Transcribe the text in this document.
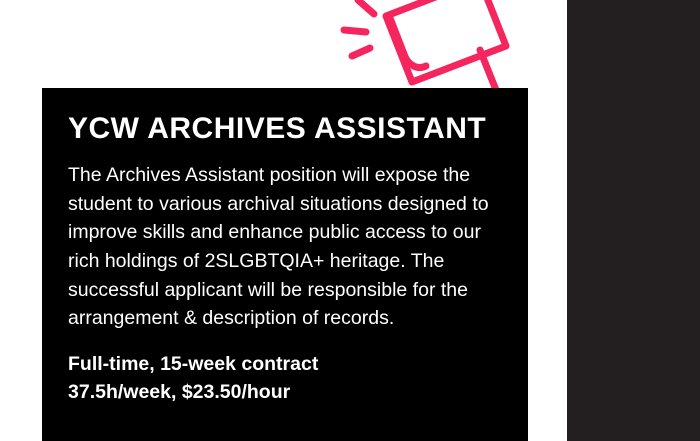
YCW ARCHIVES ASSISTANT

The Archives Assistant position will expose the student to various archival situations designed to improve skills and enhance public access to our rich holdings of 2SLGBTQIA+ heritage. The successful applicant will be responsible for the arrangement & description of records.

Full-time, 15-week contract
37.5h/week, $23.50/hour
